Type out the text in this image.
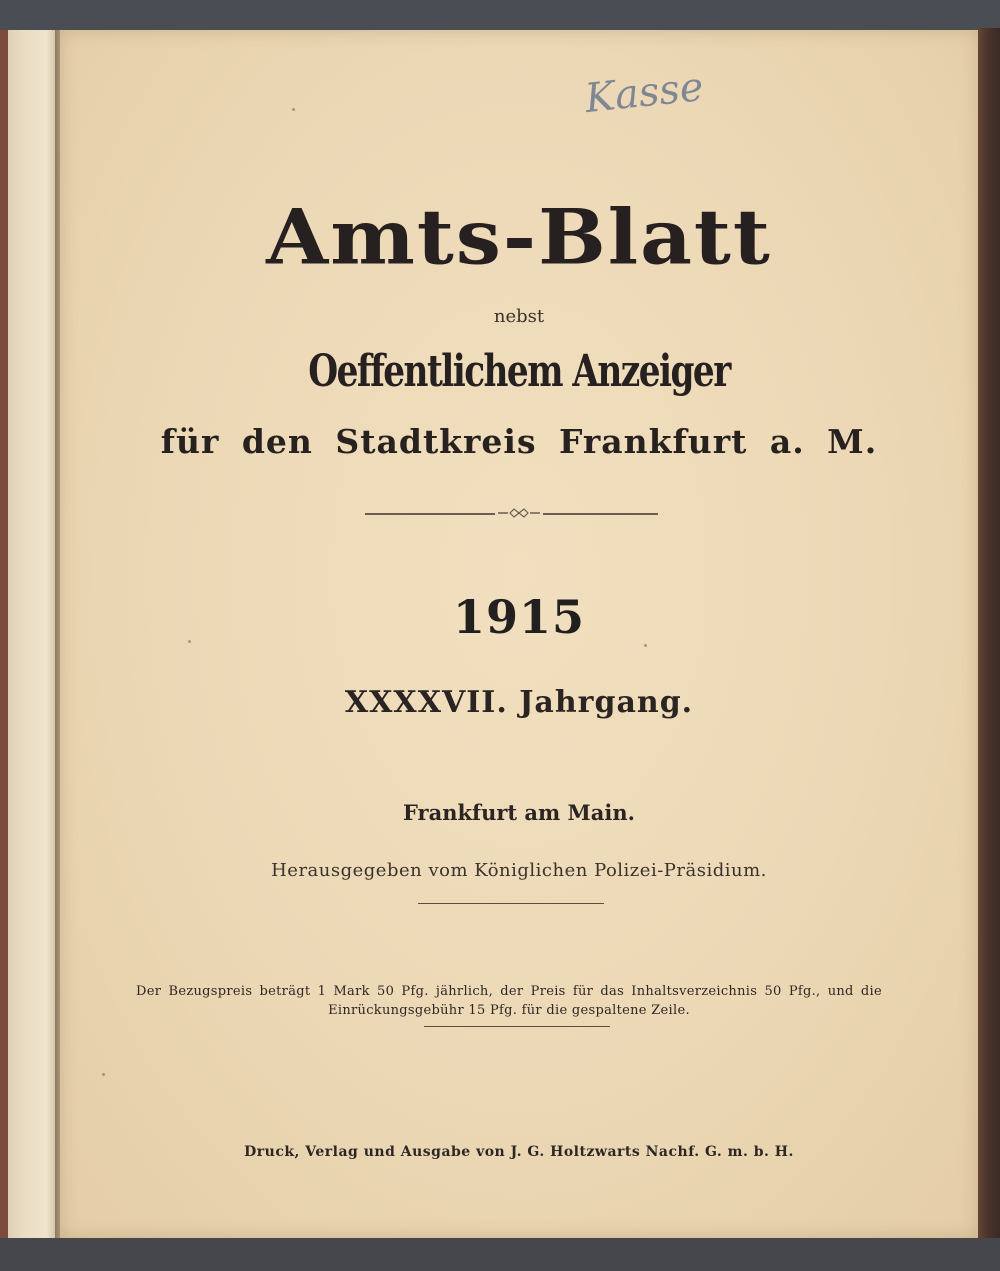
Kasse
Amts-Blatt
nebst
Oeffentlichem Anzeiger
für den Stadtkreis Frankfurt a. M.
1915
XXXXVII. Jahrgang.
Frankfurt am Main.
Herausgegeben vom Königlichen Polizei-Präsidium.
Der Bezugspreis beträgt 1 Mark 50 Pfg. jährlich, der Preis für das Inhaltsverzeichnis 50 Pfg., und die Einrückungsgebühr 15 Pfg. für die gespaltene Zeile.
Druck, Verlag und Ausgabe von J. G. Holtzwarts Nachf. G. m. b. H.
